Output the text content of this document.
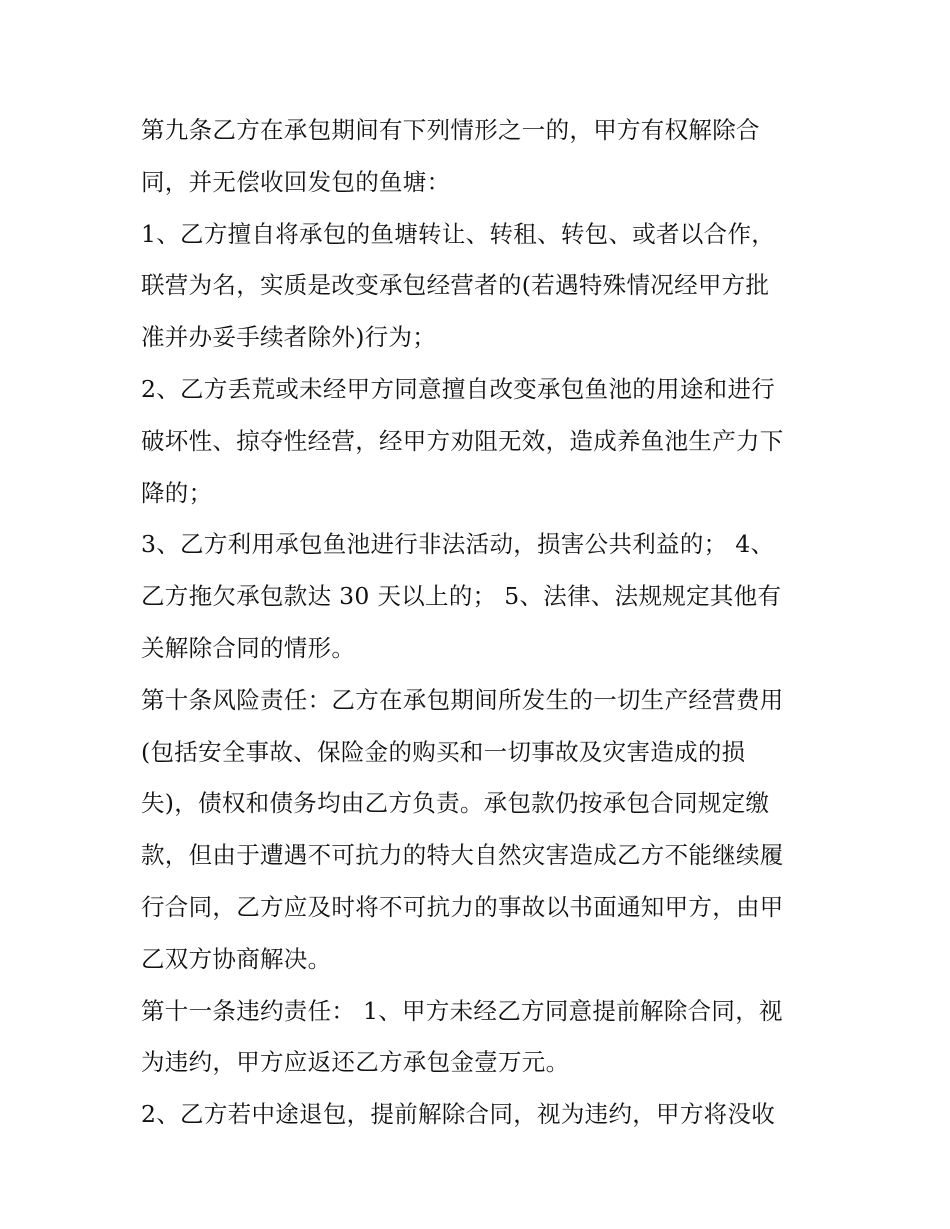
第九条乙方在承包期间有下列情形之一的，甲方有权解除合

同，并无偿收回发包的鱼塘：

1、乙方擅自将承包的鱼塘转让、转租、转包、或者以合作，

联营为名，实质是改变承包经营者的(若遇特殊情况经甲方批

准并办妥手续者除外)行为；

2、乙方丢荒或未经甲方同意擅自改变承包鱼池的用途和进行

破坏性、掠夺性经营，经甲方劝阻无效，造成养鱼池生产力下

降的；

3、乙方利用承包鱼池进行非法活动，损害公共利益的； 4、

乙方拖欠承包款达 30 天以上的； 5、法律、法规规定其他有

关解除合同的情形。

第十条风险责任：乙方在承包期间所发生的一切生产经营费用

(包括安全事故、保险金的购买和一切事故及灾害造成的损

失)，债权和债务均由乙方负责。承包款仍按承包合同规定缴

款，但由于遭遇不可抗力的特大自然灾害造成乙方不能继续履

行合同，乙方应及时将不可抗力的事故以书面通知甲方，由甲

乙双方协商解决。

第十一条违约责任： 1、甲方未经乙方同意提前解除合同，视

为违约，甲方应返还乙方承包金壹万元。

2、乙方若中途退包，提前解除合同，视为违约，甲方将没收
